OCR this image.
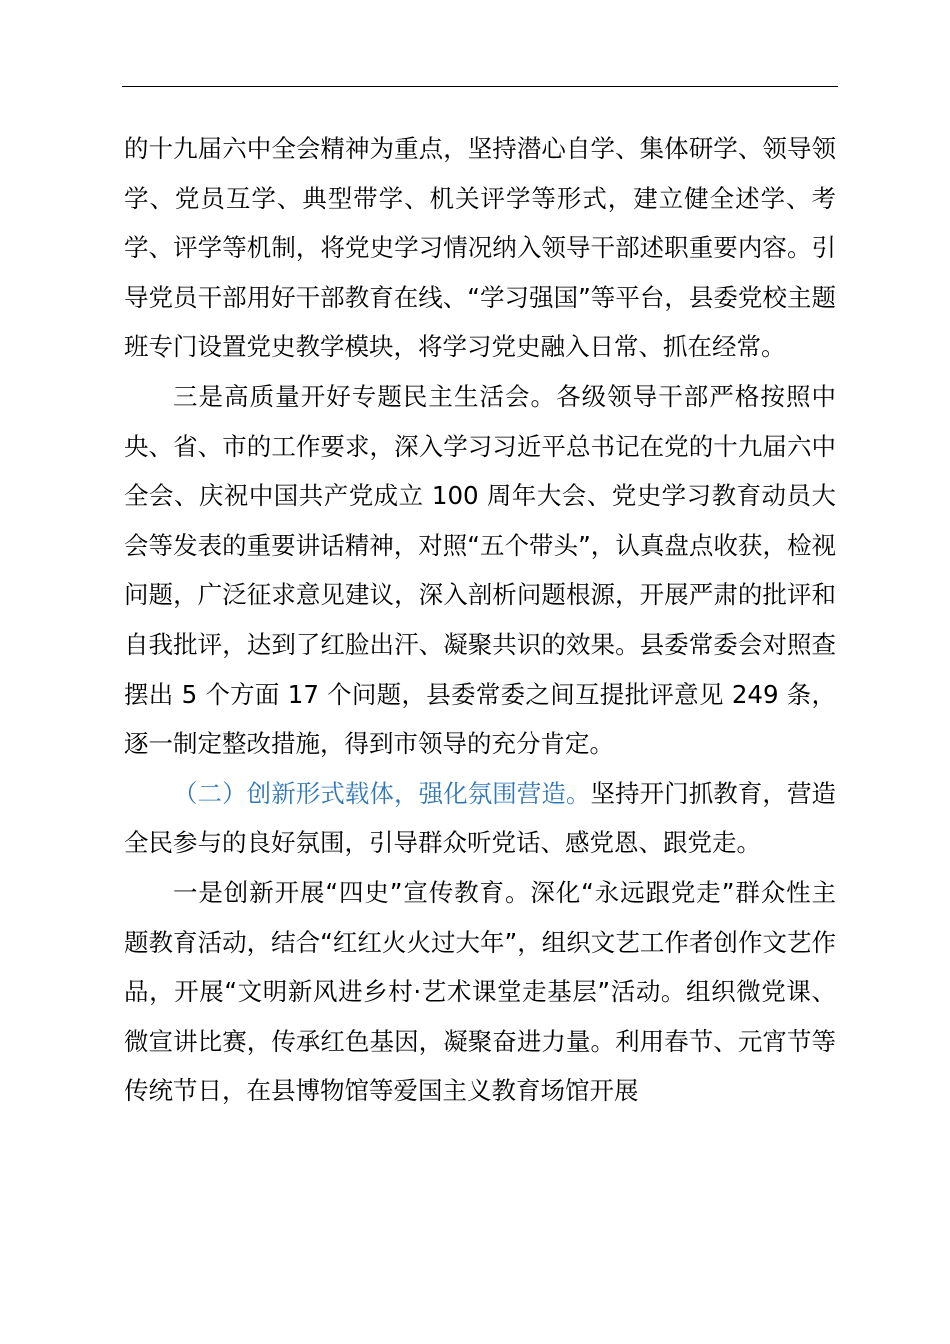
的十九届六中全会精神为重点，坚持潜心自学、集体研学、领导领学、党员互学、典型带学、机关评学等形式，建立健全述学、考学、评学等机制，将党史学习情况纳入领导干部述职重要内容。引导党员干部用好干部教育在线、“学习强国”等平台，县委党校主题班专门设置党史教学模块，将学习党史融入日常、抓在经常。

三是高质量开好专题民主生活会。各级领导干部严格按照中央、省、市的工作要求，深入学习习近平总书记在党的十九届六中全会、庆祝中国共产党成立 100 周年大会、党史学习教育动员大会等发表的重要讲话精神，对照“五个带头”，认真盘点收获，检视问题，广泛征求意见建议，深入剖析问题根源，开展严肃的批评和自我批评，达到了红脸出汗、凝聚共识的效果。县委常委会对照查摆出 5 个方面 17 个问题，县委常委之间互提批评意见 249 条，逐一制定整改措施，得到市领导的充分肯定。

（二）创新形式载体，强化氛围营造。坚持开门抓教育，营造全民参与的良好氛围，引导群众听党话、感党恩、跟党走。

一是创新开展“四史”宣传教育。深化“永远跟党走”群众性主题教育活动，结合“红红火火过大年”，组织文艺工作者创作文艺作品，开展“文明新风进乡村·艺术课堂走基层”活动。组织微党课、微宣讲比赛，传承红色基因，凝聚奋进力量。利用春节、元宵节等传统节日，在县博物馆等爱国主义教育场馆开展
